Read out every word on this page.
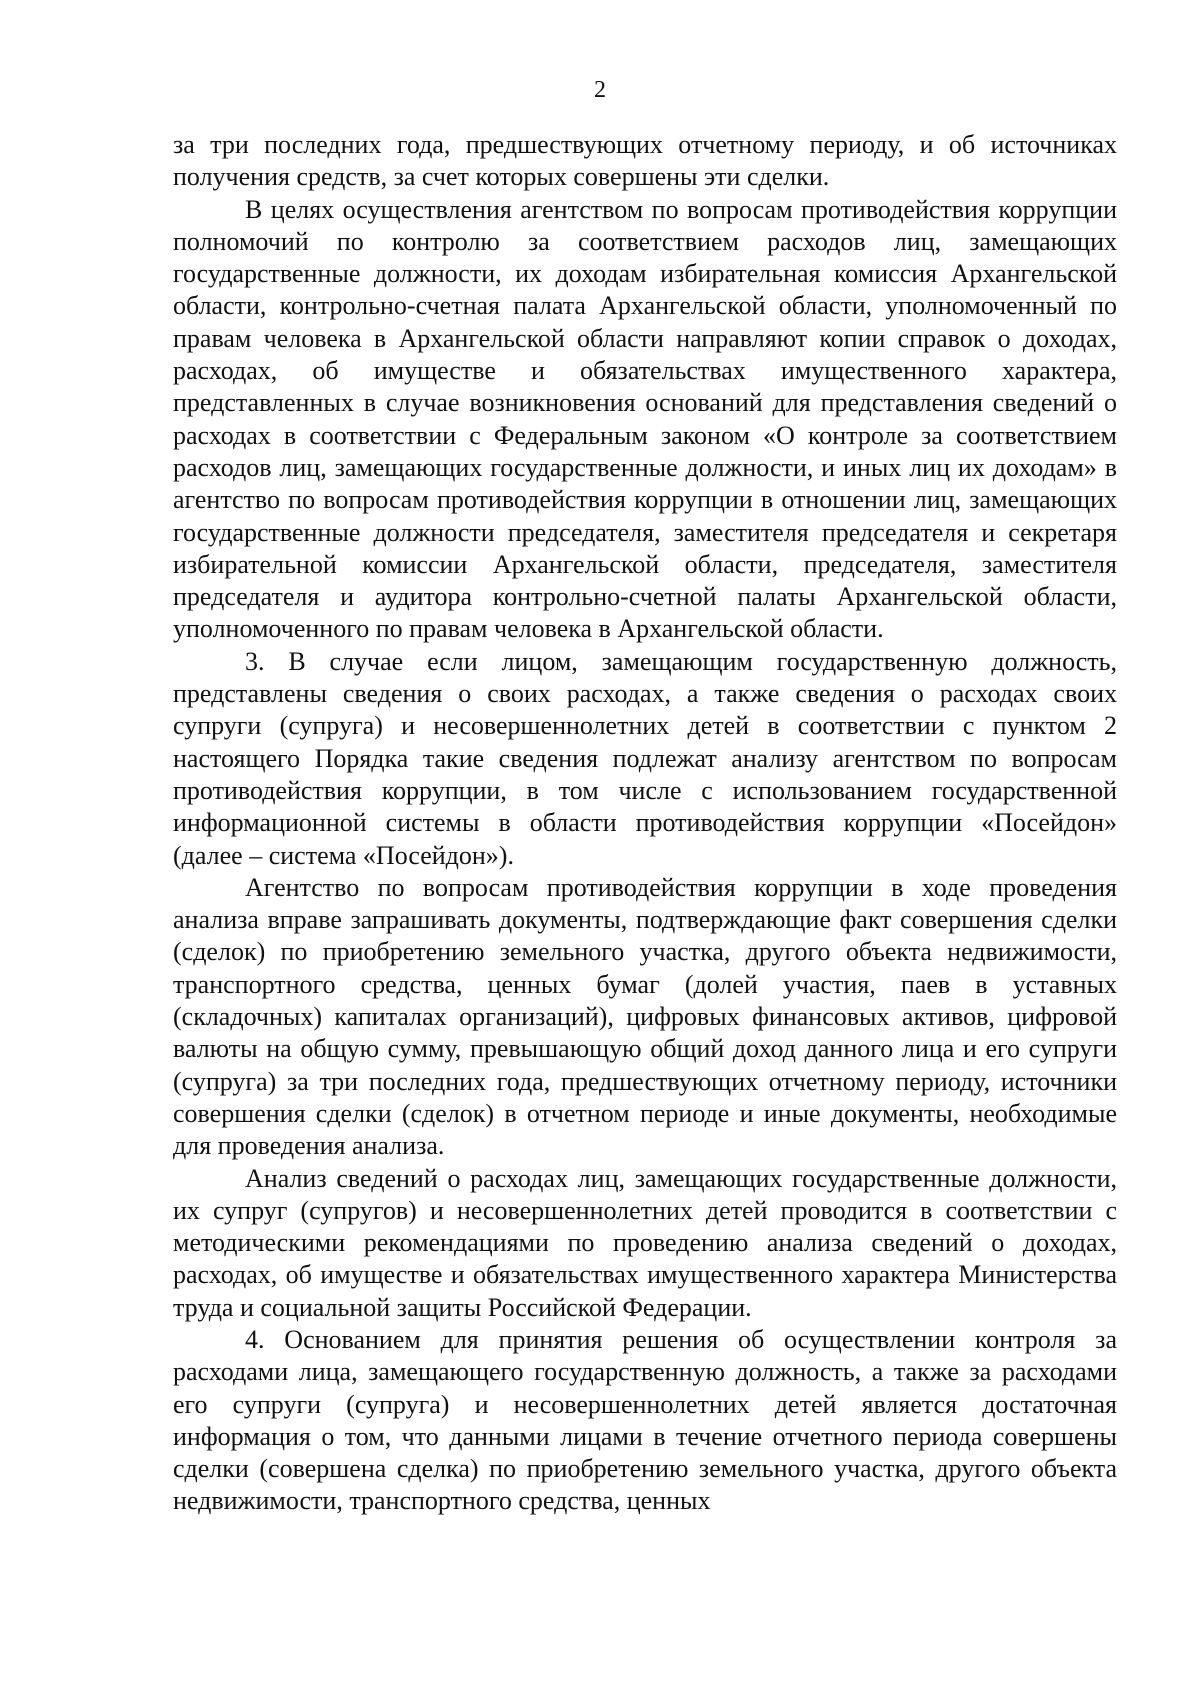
2

за три последних года, предшествующих отчетному периоду, и об источниках получения средств, за счет которых совершены эти сделки.

В целях осуществления агентством по вопросам противодействия коррупции полномочий по контролю за соответствием расходов лиц, замещающих государственные должности, их доходам избирательная комиссия Архангельской области, контрольно-счетная палата Архангельской области, уполномоченный по правам человека в Архангельской области направляют копии справок о доходах, расходах, об имуществе и обязательствах имущественного характера, представленных в случае возникновения оснований для представления сведений о расходах в соответствии с Федеральным законом «О контроле за соответствием расходов лиц, замещающих государственные должности, и иных лиц их доходам» в агентство по вопросам противодействия коррупции в отношении лиц, замещающих государственные должности председателя, заместителя председателя и секретаря избирательной комиссии Архангельской области, председателя, заместителя председателя и аудитора контрольно-счетной палаты Архангельской области, уполномоченного по правам человека в Архангельской области.

3. В случае если лицом, замещающим государственную должность, представлены сведения о своих расходах, а также сведения о расходах своих супруги (супруга) и несовершеннолетних детей в соответствии с пунктом 2 настоящего Порядка такие сведения подлежат анализу агентством по вопросам противодействия коррупции, в том числе с использованием государственной информационной системы в области противодействия коррупции «Посейдон» (далее – система «Посейдон»).

Агентство по вопросам противодействия коррупции в ходе проведения анализа вправе запрашивать документы, подтверждающие факт совершения сделки (сделок) по приобретению земельного участка, другого объекта недвижимости, транспортного средства, ценных бумаг (долей участия, паев в уставных (складочных) капиталах организаций), цифровых финансовых активов, цифровой валюты на общую сумму, превышающую общий доход данного лица и его супруги (супруга) за три последних года, предшествующих отчетному периоду, источники совершения сделки (сделок) в отчетном периоде и иные документы, необходимые для проведения анализа.

Анализ сведений о расходах лиц, замещающих государственные должности, их супруг (супругов) и несовершеннолетних детей проводится в соответствии с методическими рекомендациями по проведению анализа сведений о доходах, расходах, об имуществе и обязательствах имущественного характера Министерства труда и социальной защиты Российской Федерации.

4. Основанием для принятия решения об осуществлении контроля за расходами лица, замещающего государственную должность, а также за расходами его супруги (супруга) и несовершеннолетних детей является достаточная информация о том, что данными лицами в течение отчетного периода совершены сделки (совершена сделка) по приобретению земельного участка, другого объекта недвижимости, транспортного средства, ценных
